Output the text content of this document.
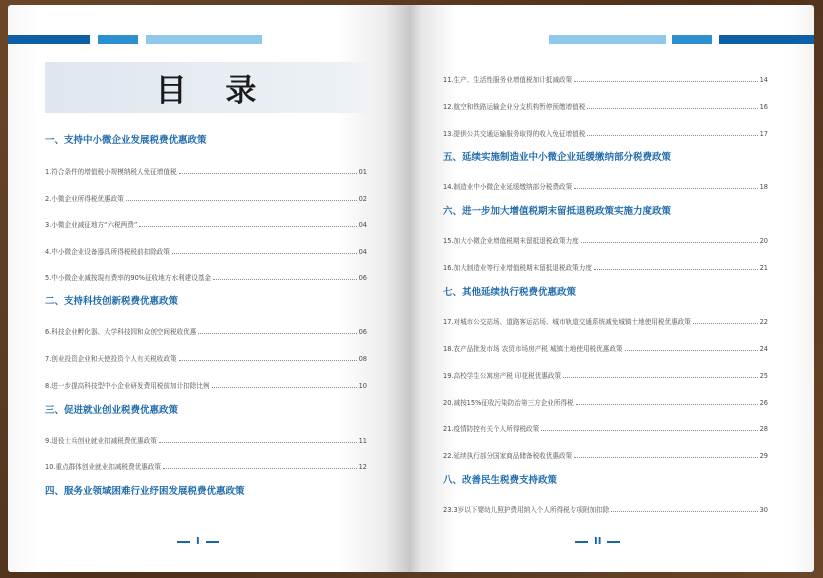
目 录
一、支持中小微企业发展税费优惠政策
1.符合条件的增值税小规模纳税人免征增值税	01
2.小微企业所得税优惠政策	02
3.小微企业减征地方“六税两费”	04
4.中小微企业设备器具所得税税前扣除政策	04
5.中小微企业减按現有费率的90%征收地方水利建设基金	06
二、支持科技创新税费优惠政策
6.科技企业孵化器、大学科技园和众创空间税收优惠	06
7.创业投资企业和天使投资个人有关税收政策	08
8.进一步提高科技型中小企业研发费用税前加计扣除比例	10
三、促进就业创业税费优惠政策
9.退役士兵创业就业扣减税费优惠政策	11
10.重点群体创业就业扣减税费优惠政策	12
四、服务业领域困难行业纾困发展税费优惠政策
I
11.生产、生活性服务业增值税加计抵减政策	14
12.航空和铁路运输企业分支机构暂停预缴增值税	16
13.提供公共交通运输服务取得的收入免征增值税	17
五、延续实施制造业中小微企业延缓缴纳部分税费政策
14.制造业中小微企业延缓缴纳部分税费政策	18
六、进一步加大增值税期末留抵退税政策实施力度政策
15.加大小微企业增值税期末留抵退税政策力度	20
16.加大制造业等行业增值税期末留抵退税政策力度	21
七、其他延续执行税费优惠政策
17.对城市公交站场、道路客运站场、城市轨道交通系统减免城镇土地使用税优惠政策	22
18.农产品批发市场 农贸市场房产税 城镇土地使用税优惠政策	24
19.高校学生公寓房产税 印花税优惠政策	25
20.减按15%征收污染防治第三方企业所得税	26
21.疫情防控有关个人所得税政策	28
22.延续执行部分国家商品储备税收优惠政策	29
八、改善民生税费支持政策
23.3岁以下婴幼儿照护费用纳入个人所得税专项附加扣除	30
II
